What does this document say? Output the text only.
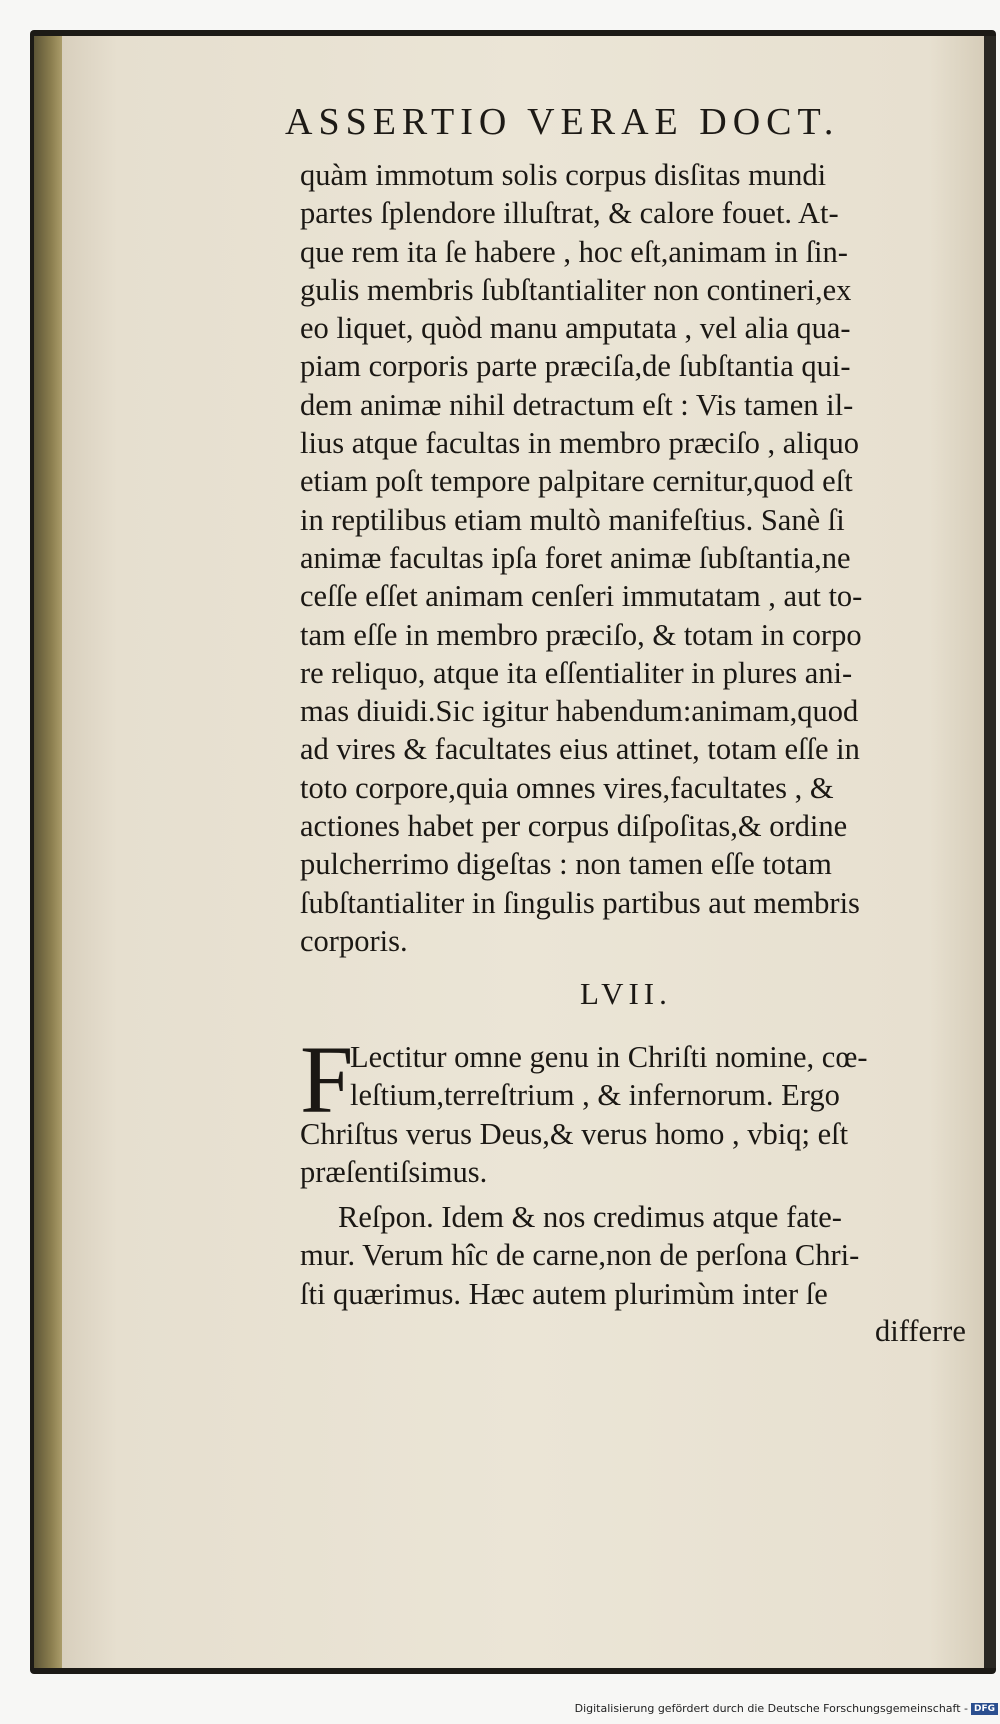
ASSERTIO VERAE DOCT.
quàm immotum solis corpus disſitas mundi
partes ſplendore illuſtrat, & calore fouet. At-
que rem ita ſe habere , hoc eſt,animam in ſin-
gulis membris ſubſtantialiter non contineri,ex
eo liquet, quòd manu amputata , vel alia qua-
piam corporis parte præciſa,de ſubſtantia qui-
dem animæ nihil detractum eſt : Vis tamen il-
lius atque facultas in membro præciſo , aliquo
etiam poſt tempore palpitare cernitur,quod eſt
in reptilibus etiam multò manifeſtius. Sanè ſi
animæ facultas ipſa foret animæ ſubſtantia,ne
ceſſe eſſet animam cenſeri immutatam , aut to-
tam eſſe in membro præciſo, & totam in corpo
re reliquo, atque ita eſſentialiter in plures ani-
mas diuidi.Sic igitur habendum:animam,quod
ad vires & facultates eius attinet, totam eſſe in
toto corpore,quia omnes vires,facultates , &
actiones habet per corpus diſpoſitas,& ordine
pulcherrimo digeſtas : non tamen eſſe totam
ſubſtantialiter in ſingulis partibus aut membris
corporis.
LVII.
F
Lectitur omne genu in Chriſti nomine, cœ-
leſtium,terreſtrium , & infernorum. Ergo
Chriſtus verus Deus,& verus homo , vbiq; eſt
præſentiſsimus.
Reſpon. Idem & nos credimus atque fate-
mur. Verum hîc de carne,non de perſona Chri-
ſti quærimus. Hæc autem plurimùm inter ſe
differre
Digitalisierung gefördert durch die Deutsche Forschungsgemeinschaft - DFG
